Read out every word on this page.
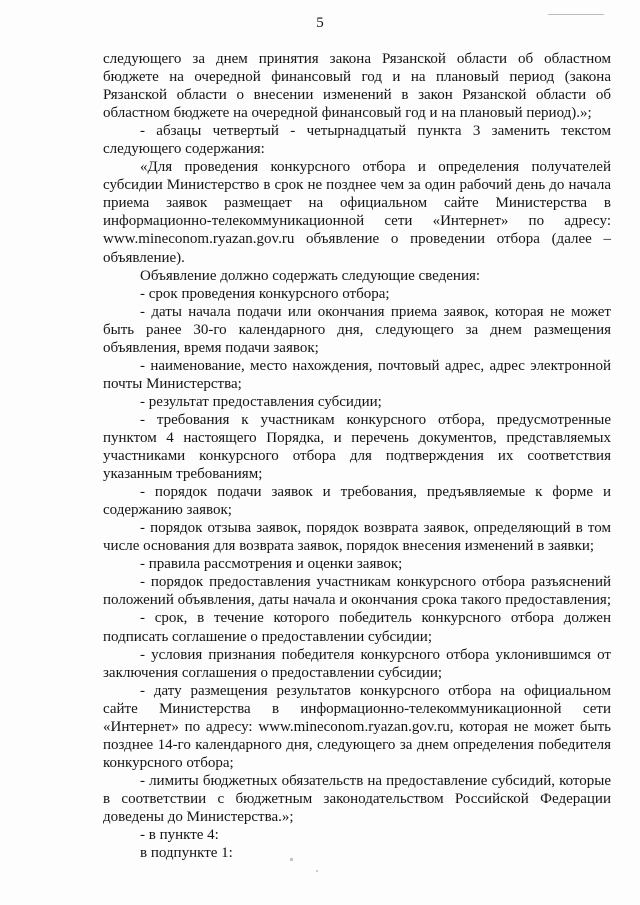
5

следующего за днем принятия закона Рязанской области об областном бюджете на очередной финансовый год и на плановый период (закона Рязанской области о внесении изменений в закон Рязанской области об областном бюджете на очередной финансовый год и на плановый период).»;

- абзацы четвертый - четырнадцатый пункта 3 заменить текстом следующего содержания:

«Для проведения конкурсного отбора и определения получателей субсидии Министерство в срок не позднее чем за один рабочий день до начала приема заявок размещает на официальном сайте Министерства в информационно-телекоммуникационной сети «Интернет» по адресу: www.mineconom.ryazan.gov.ru объявление о проведении отбора (далее – объявление).

Объявление должно содержать следующие сведения:

- срок проведения конкурсного отбора;

- даты начала подачи или окончания приема заявок, которая не может быть ранее 30-го календарного дня, следующего за днем размещения объявления, время подачи заявок;

- наименование, место нахождения, почтовый адрес, адрес электронной почты Министерства;

- результат предоставления субсидии;

- требования к участникам конкурсного отбора, предусмотренные пунктом 4 настоящего Порядка, и перечень документов, представляемых участниками конкурсного отбора для подтверждения их соответствия указанным требованиям;

- порядок подачи заявок и требования, предъявляемые к форме и содержанию заявок;

- порядок отзыва заявок, порядок возврата заявок, определяющий в том числе основания для возврата заявок, порядок внесения изменений в заявки;

- правила рассмотрения и оценки заявок;

- порядок предоставления участникам конкурсного отбора разъяснений положений объявления, даты начала и окончания срока такого предоставления;

- срок, в течение которого победитель конкурсного отбора должен подписать соглашение о предоставлении субсидии;

- условия признания победителя конкурсного отбора уклонившимся от заключения соглашения о предоставлении субсидии;

- дату размещения результатов конкурсного отбора на официальном сайте Министерства в информационно-телекоммуникационной сети «Интернет» по адресу: www.mineconom.ryazan.gov.ru, которая не может быть позднее 14-го календарного дня, следующего за днем определения победителя конкурсного отбора;

- лимиты бюджетных обязательств на предоставление субсидий, которые в соответствии с бюджетным законодательством Российской Федерации доведены до Министерства.»;

- в пункте 4:

в подпункте 1:
